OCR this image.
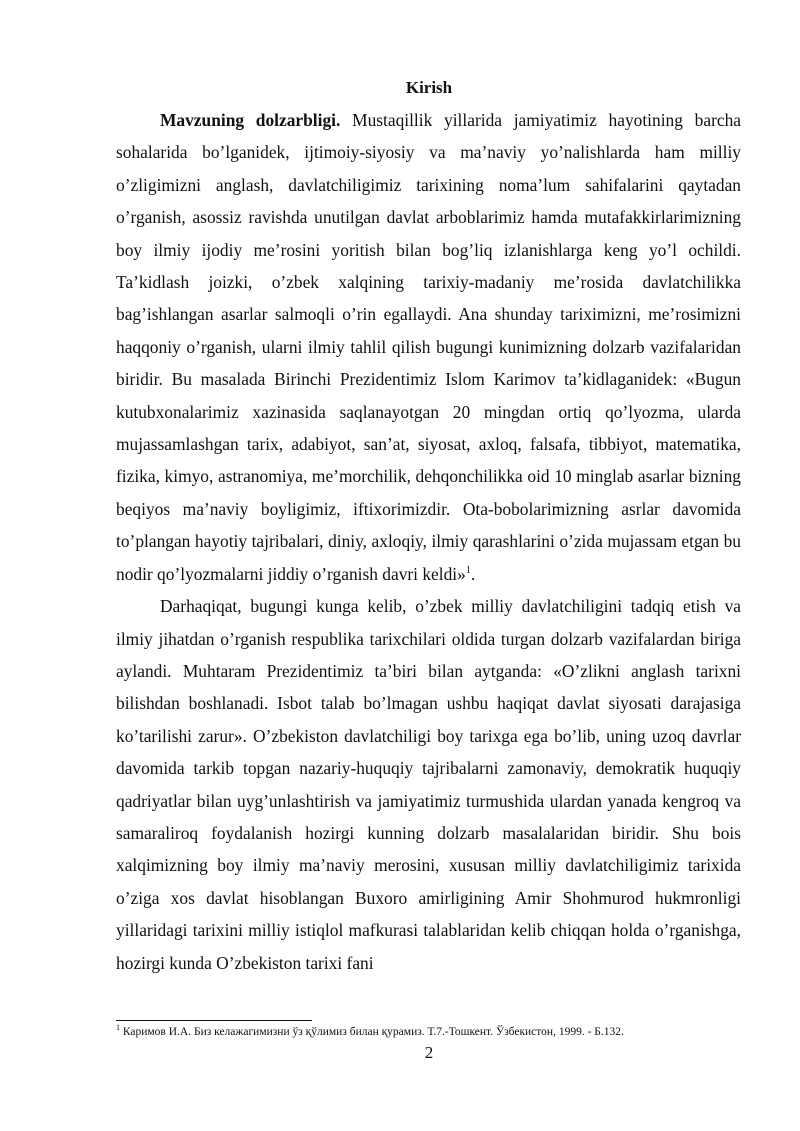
Kirish

Mavzuning dolzarbligi. Mustaqillik yillarida jamiyatimiz hayotining barcha sohalarida bo’lganidek, ijtimoiy-siyosiy va ma’naviy yo’nalishlarda ham milliy o’zligimizni anglash, davlatchiligimiz tarixining noma’lum sahifalarini qaytadan o’rganish, asossiz ravishda unutilgan davlat arboblarimiz hamda mutafakkirlarimizning boy ilmiy ijodiy me’rosini yoritish bilan bog’liq izlanishlarga keng yo’l ochildi. Ta’kidlash joizki, o’zbek xalqining tarixiy-madaniy me’rosida davlatchilikka bag’ishlangan asarlar salmoqli o’rin egallaydi. Ana shunday tariximizni, me’rosimizni haqqoniy o’rganish, ularni ilmiy tahlil qilish bugungi kunimizning dolzarb vazifalaridan biridir. Bu masalada Birinchi Prezidentimiz Islom Karimov ta’kidlaganidek: «Bugun kutubxonalarimiz xazinasida saqlanayotgan 20 mingdan ortiq qo’lyozma, ularda mujassamlashgan tarix, adabiyot, san’at, siyosat, axloq, falsafa, tibbiyot, matematika, fizika, kimyo, astranomiya, me’morchilik, dehqonchilikka oid 10 minglab asarlar bizning beqiyos ma’naviy boyligimiz, iftixorimizdir. Ota-bobolarimizning asrlar davomida to’plangan hayotiy tajribalari, diniy, axloqiy, ilmiy qarashlarini o’zida mujassam etgan bu nodir qo’lyozmalarni jiddiy o’rganish davri keldi»$^1$.

Darhaqiqat, bugungi kunga kelib, o’zbek milliy davlatchiligini tadqiq etish va ilmiy jihatdan o’rganish respublika tarixchilari oldida turgan dolzarb vazifalardan biriga aylandi. Muhtaram Prezidentimiz ta’biri bilan aytganda: «O’zlikni anglash tarixni bilishdan boshlanadi. Isbot talab bo’lmagan ushbu haqiqat davlat siyosati darajasiga ko’tarilishi zarur». O’zbekiston davlatchiligi boy tarixga ega bo’lib, uning uzoq davrlar davomida tarkib topgan nazariy-huquqiy tajribalarni zamonaviy, demokratik huquqiy qadriyatlar bilan uyg’unlashtirish va jamiyatimiz turmushida ulardan yanada kengroq va samaraliroq foydalanish hozirgi kunning dolzarb masalalaridan biridir. Shu bois xalqimizning boy ilmiy ma’naviy merosini, xususan milliy davlatchiligimiz tarixida o’ziga xos davlat hisoblangan Buxoro amirligining Amir Shohmurod hukmronligi yillaridagi tarixini milliy istiqlol mafkurasi talablaridan kelib chiqqan holda o’rganishga, hozirgi kunda O’zbekiston tarixi fani

$^1$ Каримов И.А. Биз келажагимизни ўз қўлимиз билан қурамиз. Т.7.-Тошкент. Ўзбекистон, 1999. - Б.132.
2
